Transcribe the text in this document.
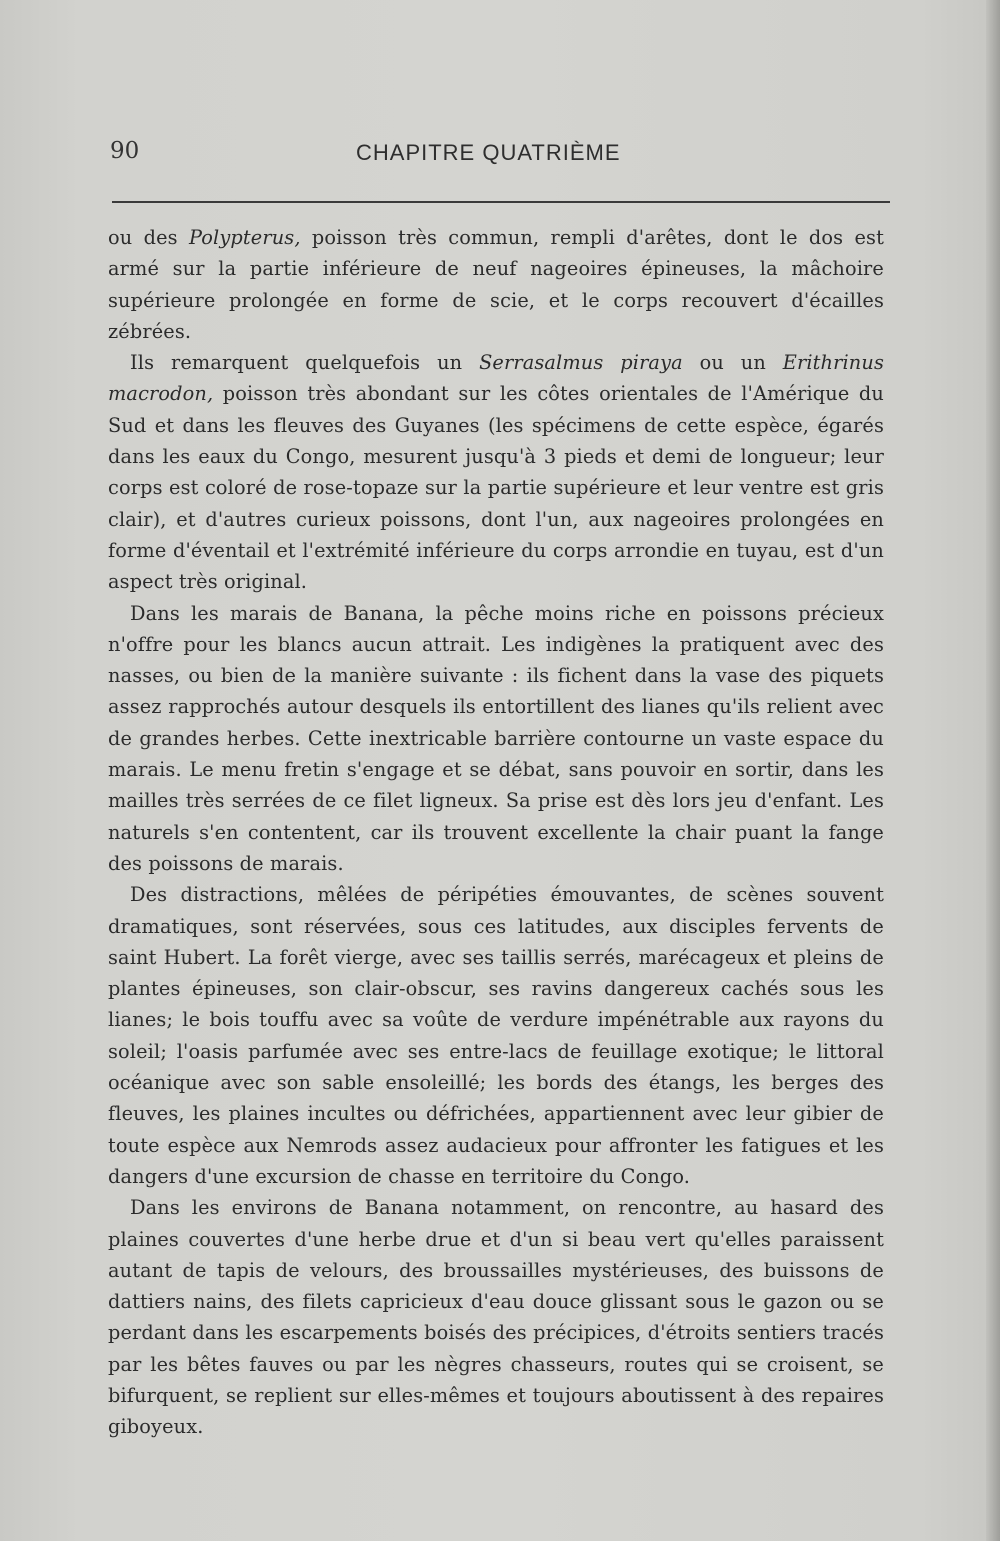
90	CHAPITRE QUATRIÈME

ou des Polypterus, poisson très commun, rempli d'arêtes, dont le dos est armé sur la partie inférieure de neuf nageoires épineuses, la mâchoire supérieure prolongée en forme de scie, et le corps recouvert d'écailles zébrées.

Ils remarquent quelquefois un Serrasalmus piraya ou un Erithrinus macrodon, poisson très abondant sur les côtes orientales de l'Amérique du Sud et dans les fleuves des Guyanes (les spécimens de cette espèce, égarés dans les eaux du Congo, mesurent jusqu'à 3 pieds et demi de longueur; leur corps est coloré de rose-topaze sur la partie supérieure et leur ventre est gris clair), et d'autres curieux poissons, dont l'un, aux nageoires prolongées en forme d'éventail et l'extrémité inférieure du corps arrondie en tuyau, est d'un aspect très original.

Dans les marais de Banana, la pêche moins riche en poissons précieux n'offre pour les blancs aucun attrait. Les indigènes la pratiquent avec des nasses, ou bien de la manière suivante : ils fichent dans la vase des piquets assez rapprochés autour desquels ils entortillent des lianes qu'ils relient avec de grandes herbes. Cette inextricable barrière contourne un vaste espace du marais. Le menu fretin s'engage et se débat, sans pouvoir en sortir, dans les mailles très serrées de ce filet ligneux. Sa prise est dès lors jeu d'enfant. Les naturels s'en contentent, car ils trouvent excellente la chair puant la fange des poissons de marais.

Des distractions, mêlées de péripéties émouvantes, de scènes souvent dramatiques, sont réservées, sous ces latitudes, aux disciples fervents de saint Hubert. La forêt vierge, avec ses taillis serrés, marécageux et pleins de plantes épineuses, son clair-obscur, ses ravins dangereux cachés sous les lianes; le bois touffu avec sa voûte de verdure impénétrable aux rayons du soleil; l'oasis parfumée avec ses entre-lacs de feuillage exotique; le littoral océanique avec son sable ensoleillé; les bords des étangs, les berges des fleuves, les plaines incultes ou défrichées, appartiennent avec leur gibier de toute espèce aux Nemrods assez audacieux pour affronter les fatigues et les dangers d'une excursion de chasse en territoire du Congo.

Dans les environs de Banana notamment, on rencontre, au hasard des plaines couvertes d'une herbe drue et d'un si beau vert qu'elles paraissent autant de tapis de velours, des broussailles mystérieuses, des buissons de dattiers nains, des filets capricieux d'eau douce glissant sous le gazon ou se perdant dans les escarpements boisés des précipices, d'étroits sentiers tracés par les bêtes fauves ou par les nègres chasseurs, routes qui se croisent, se bifurquent, se replient sur elles-mêmes et toujours aboutissent à des repaires giboyeux.
